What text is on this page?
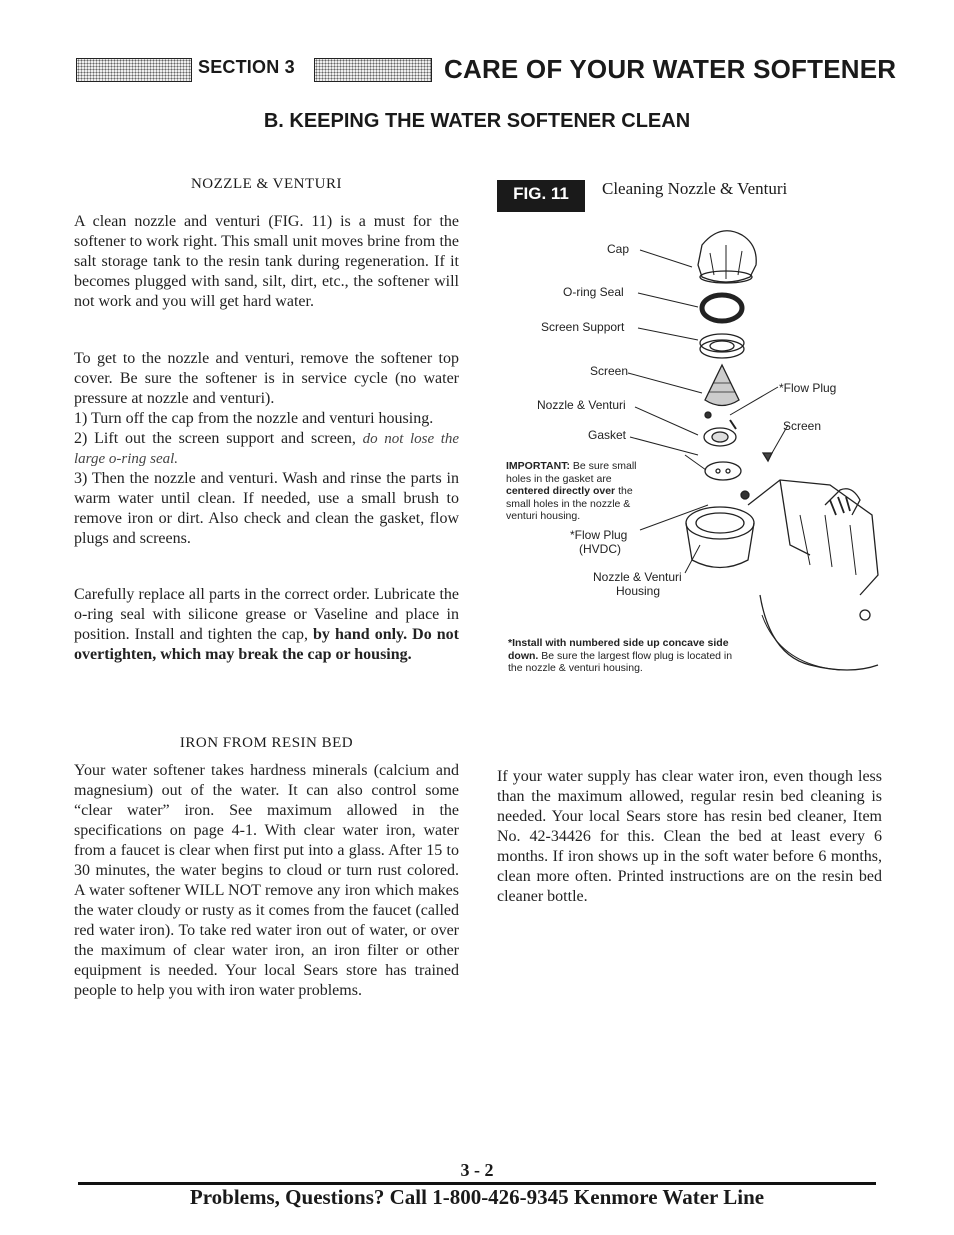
SECTION 3	CARE OF YOUR WATER SOFTENER
B. KEEPING THE WATER SOFTENER CLEAN
NOZZLE & VENTURI

A clean nozzle and venturi (FIG. 11) is a must for the softener to work right. This small unit moves brine from the salt storage tank to the resin tank during regeneration. If it becomes plugged with sand, silt, dirt, etc., the softener will not work and you will get hard water.

To get to the nozzle and venturi, remove the softener top cover. Be sure the softener is in service cycle (no water pressure at nozzle and venturi).

1) Turn off the cap from the nozzle and venturi housing.

2) Lift out the screen support and screen, do not lose the large o-ring seal.

3) Then the nozzle and venturi. Wash and rinse the parts in warm water until clean. If needed, use a small brush to remove iron or dirt. Also check and clean the gasket, flow plugs and screens.

Carefully replace all parts in the correct order. Lubricate the o-ring seal with silicone grease or Vaseline and place in position. Install and tighten the cap, by hand only. Do not overtighten, which may break the cap or housing.

FIG. 11	Cleaning Nozzle & Venturi
Cap
O-ring Seal
Screen Support
Screen
Nozzle & Venturi
Gasket
*Flow Plug
Screen
*Flow Plug
(HVDC)
Nozzle & Venturi
Housing
IMPORTANT: Be sure small holes in the gasket are centered directly over the small holes in the nozzle & venturi housing.
*Install with numbered side up concave side down. Be sure the largest flow plug is located in the nozzle & venturi housing.
IRON FROM RESIN BED

Your water softener takes hardness minerals (calcium and magnesium) out of the water. It can also control some “clear water” iron. See maximum allowed in the specifications on page 4-1. With clear water iron, water from a faucet is clear when first put into a glass. After 15 to 30 minutes, the water begins to cloud or turn rust colored. A water softener WILL NOT remove any iron which makes the water cloudy or rusty as it comes from the faucet (called red water iron). To take red water iron out of water, or over the maximum of clear water iron, an iron filter or other equipment is needed. Your local Sears store has trained people to help you with iron water problems.

If your water supply has clear water iron, even though less than the maximum allowed, regular resin bed cleaning is needed. Your local Sears store has resin bed cleaner, Item No. 42-34426 for this. Clean the bed at least every 6 months. If iron shows up in the soft water before 6 months, clean more often. Printed instructions are on the resin bed cleaner bottle.

3 - 2
Problems, Questions? Call 1-800-426-9345 Kenmore Water Line
